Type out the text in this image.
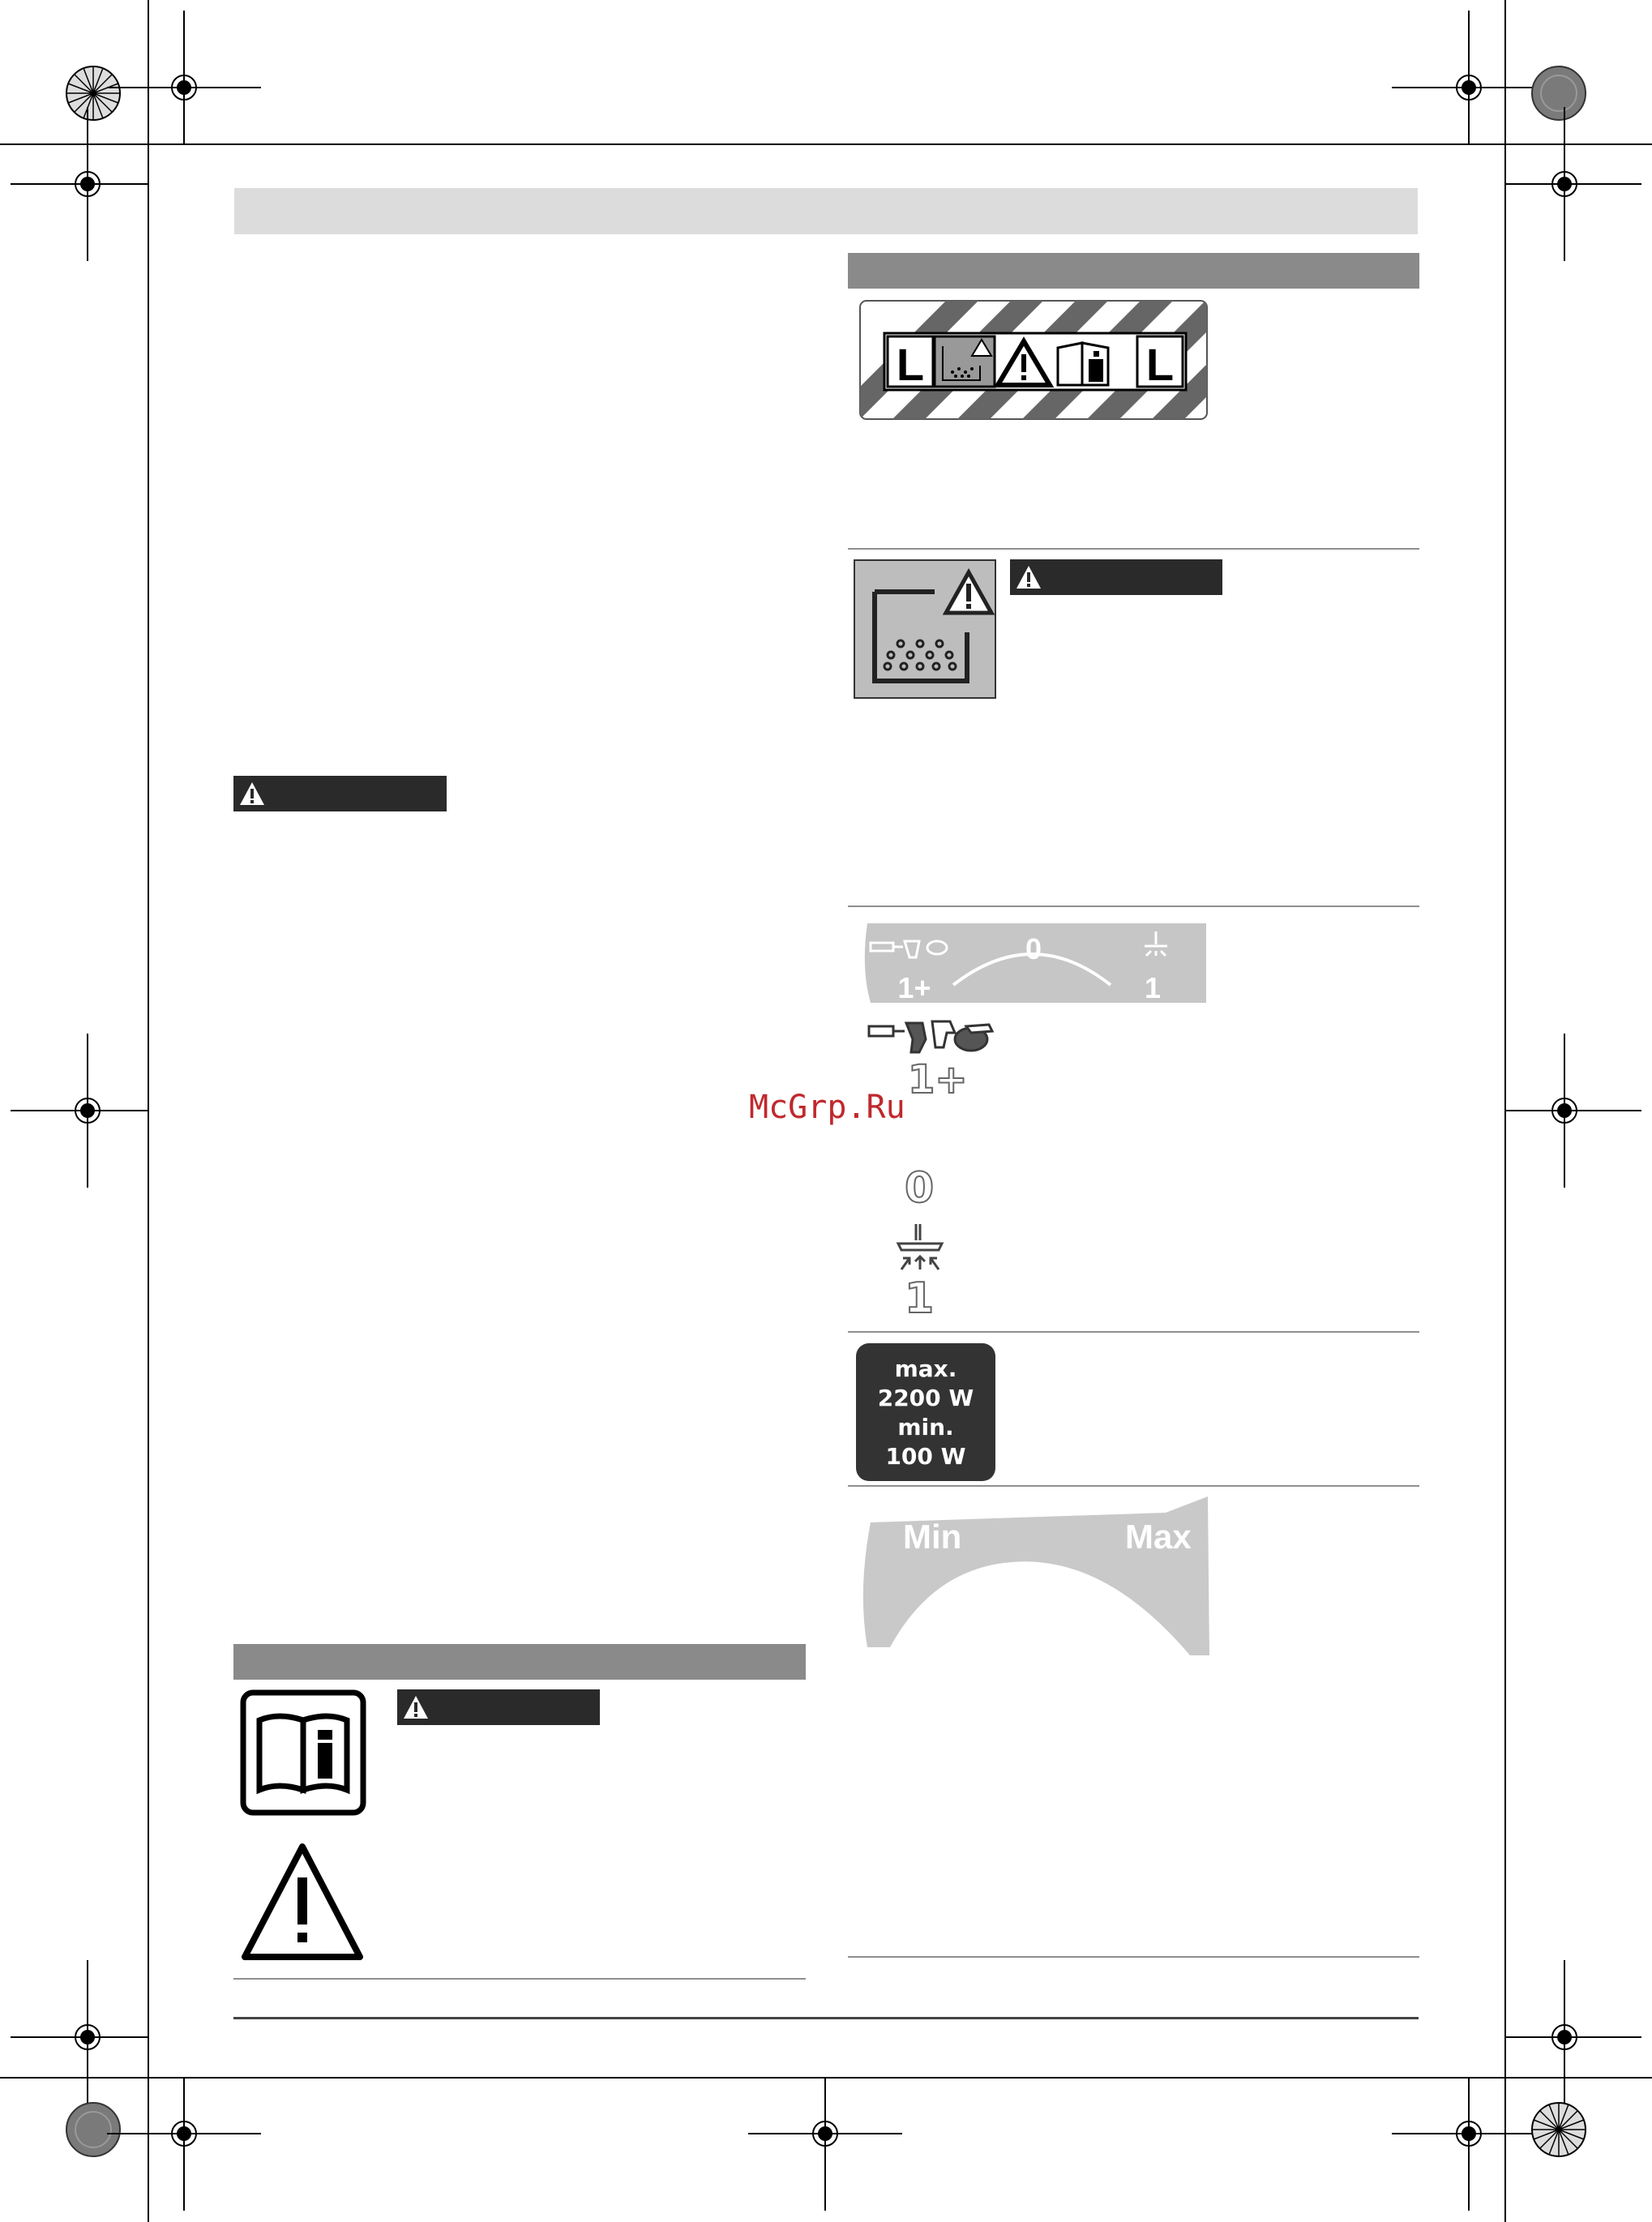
L	L
1+
0
1
1+
McGrp.Ru
0
1
max.
2200 W
min.
100 W
Min	Max
